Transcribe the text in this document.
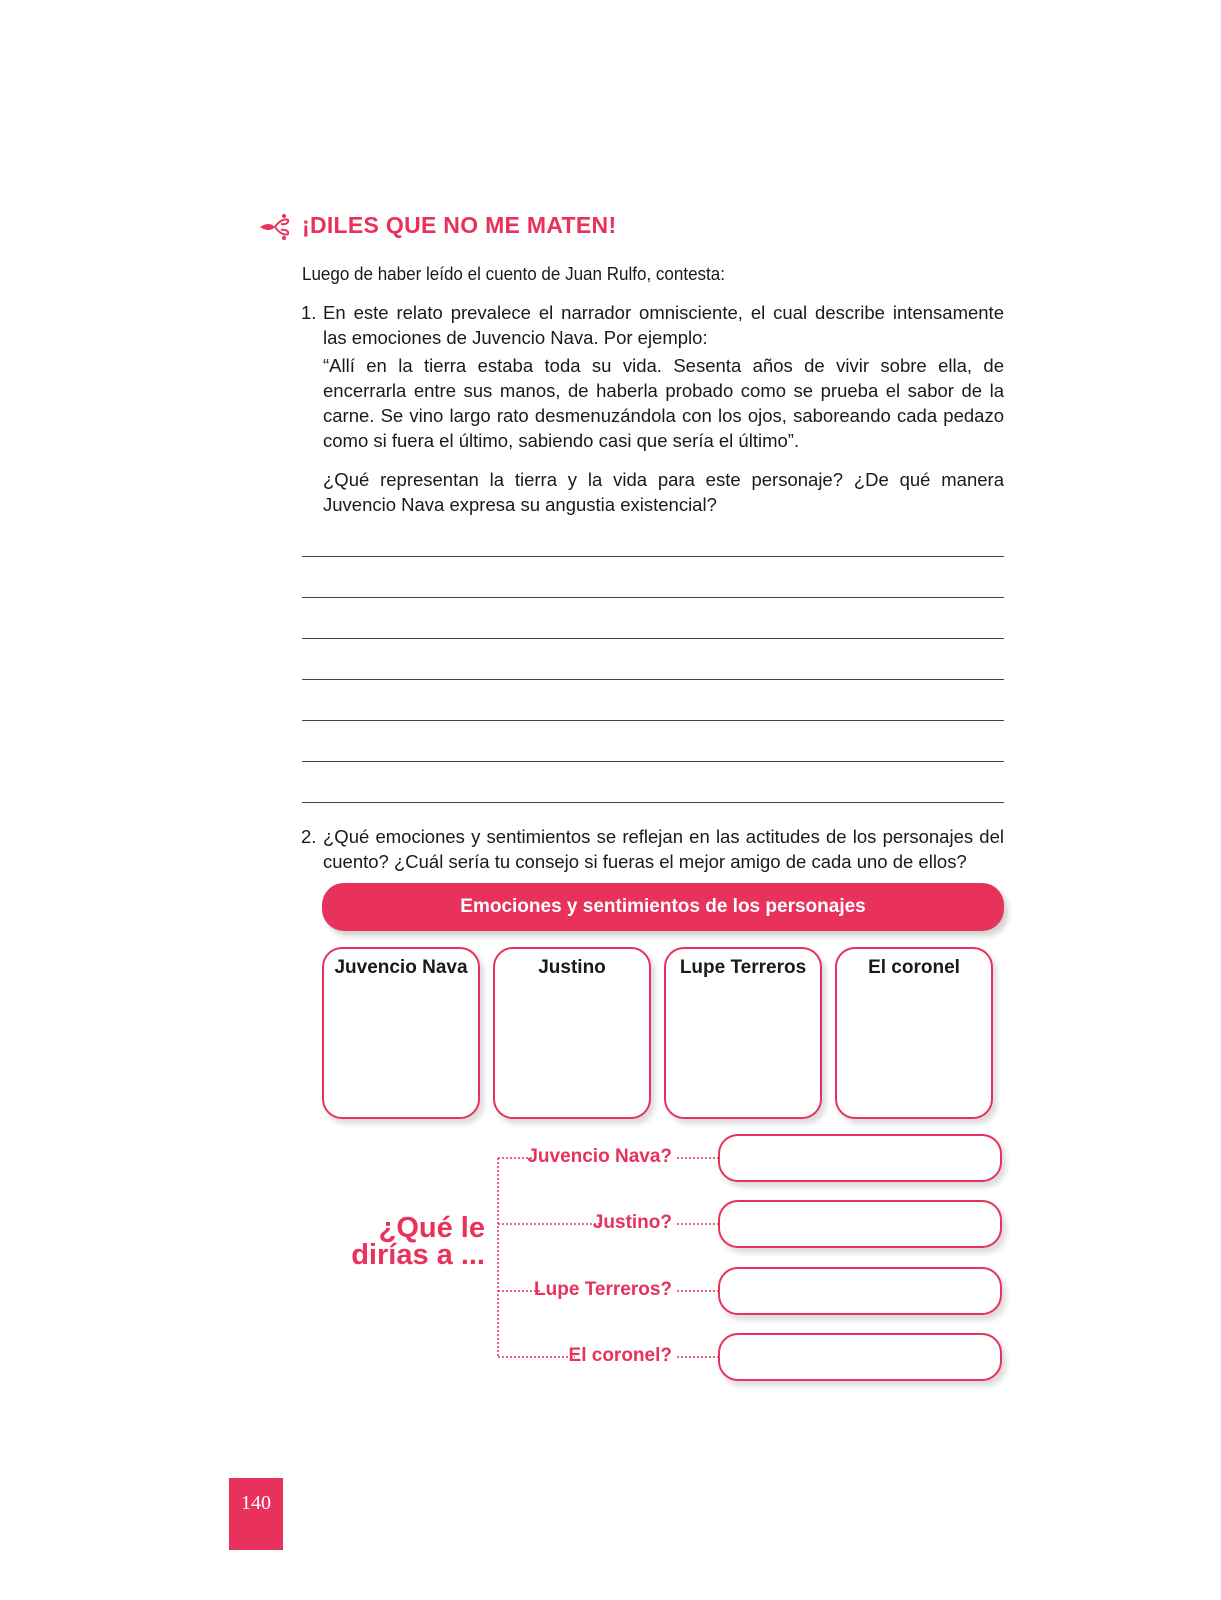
¡DILES QUE NO ME MATEN!
Luego de haber leído el cuento de Juan Rulfo, contesta:
1. En este relato prevalece el narrador omnisciente, el cual describe intensamente las emociones de Juvencio Nava. Por ejemplo:
“Allí en la tierra estaba toda su vida. Sesenta años de vivir sobre ella, de encerrarla entre sus manos, de haberla probado como se prueba el sabor de la carne. Se vino largo rato desmenuzándola con los ojos, saboreando cada pedazo como si fuera el último, sabiendo casi que sería el último”.
¿Qué representan la tierra y la vida para este personaje? ¿De qué manera Juvencio Nava expresa su angustia existencial?
2. ¿Qué emociones y sentimientos se reflejan en las actitudes de los personajes del cuento? ¿Cuál sería tu consejo si fueras el mejor amigo de cada uno de ellos?
Emociones y sentimientos de los personajes
Juvencio Nava	Justino	Lupe Terreros	El coronel
¿Qué le
dirías a ...
Juvencio Nava?
Justino?
Lupe Terreros?
El coronel?
140
